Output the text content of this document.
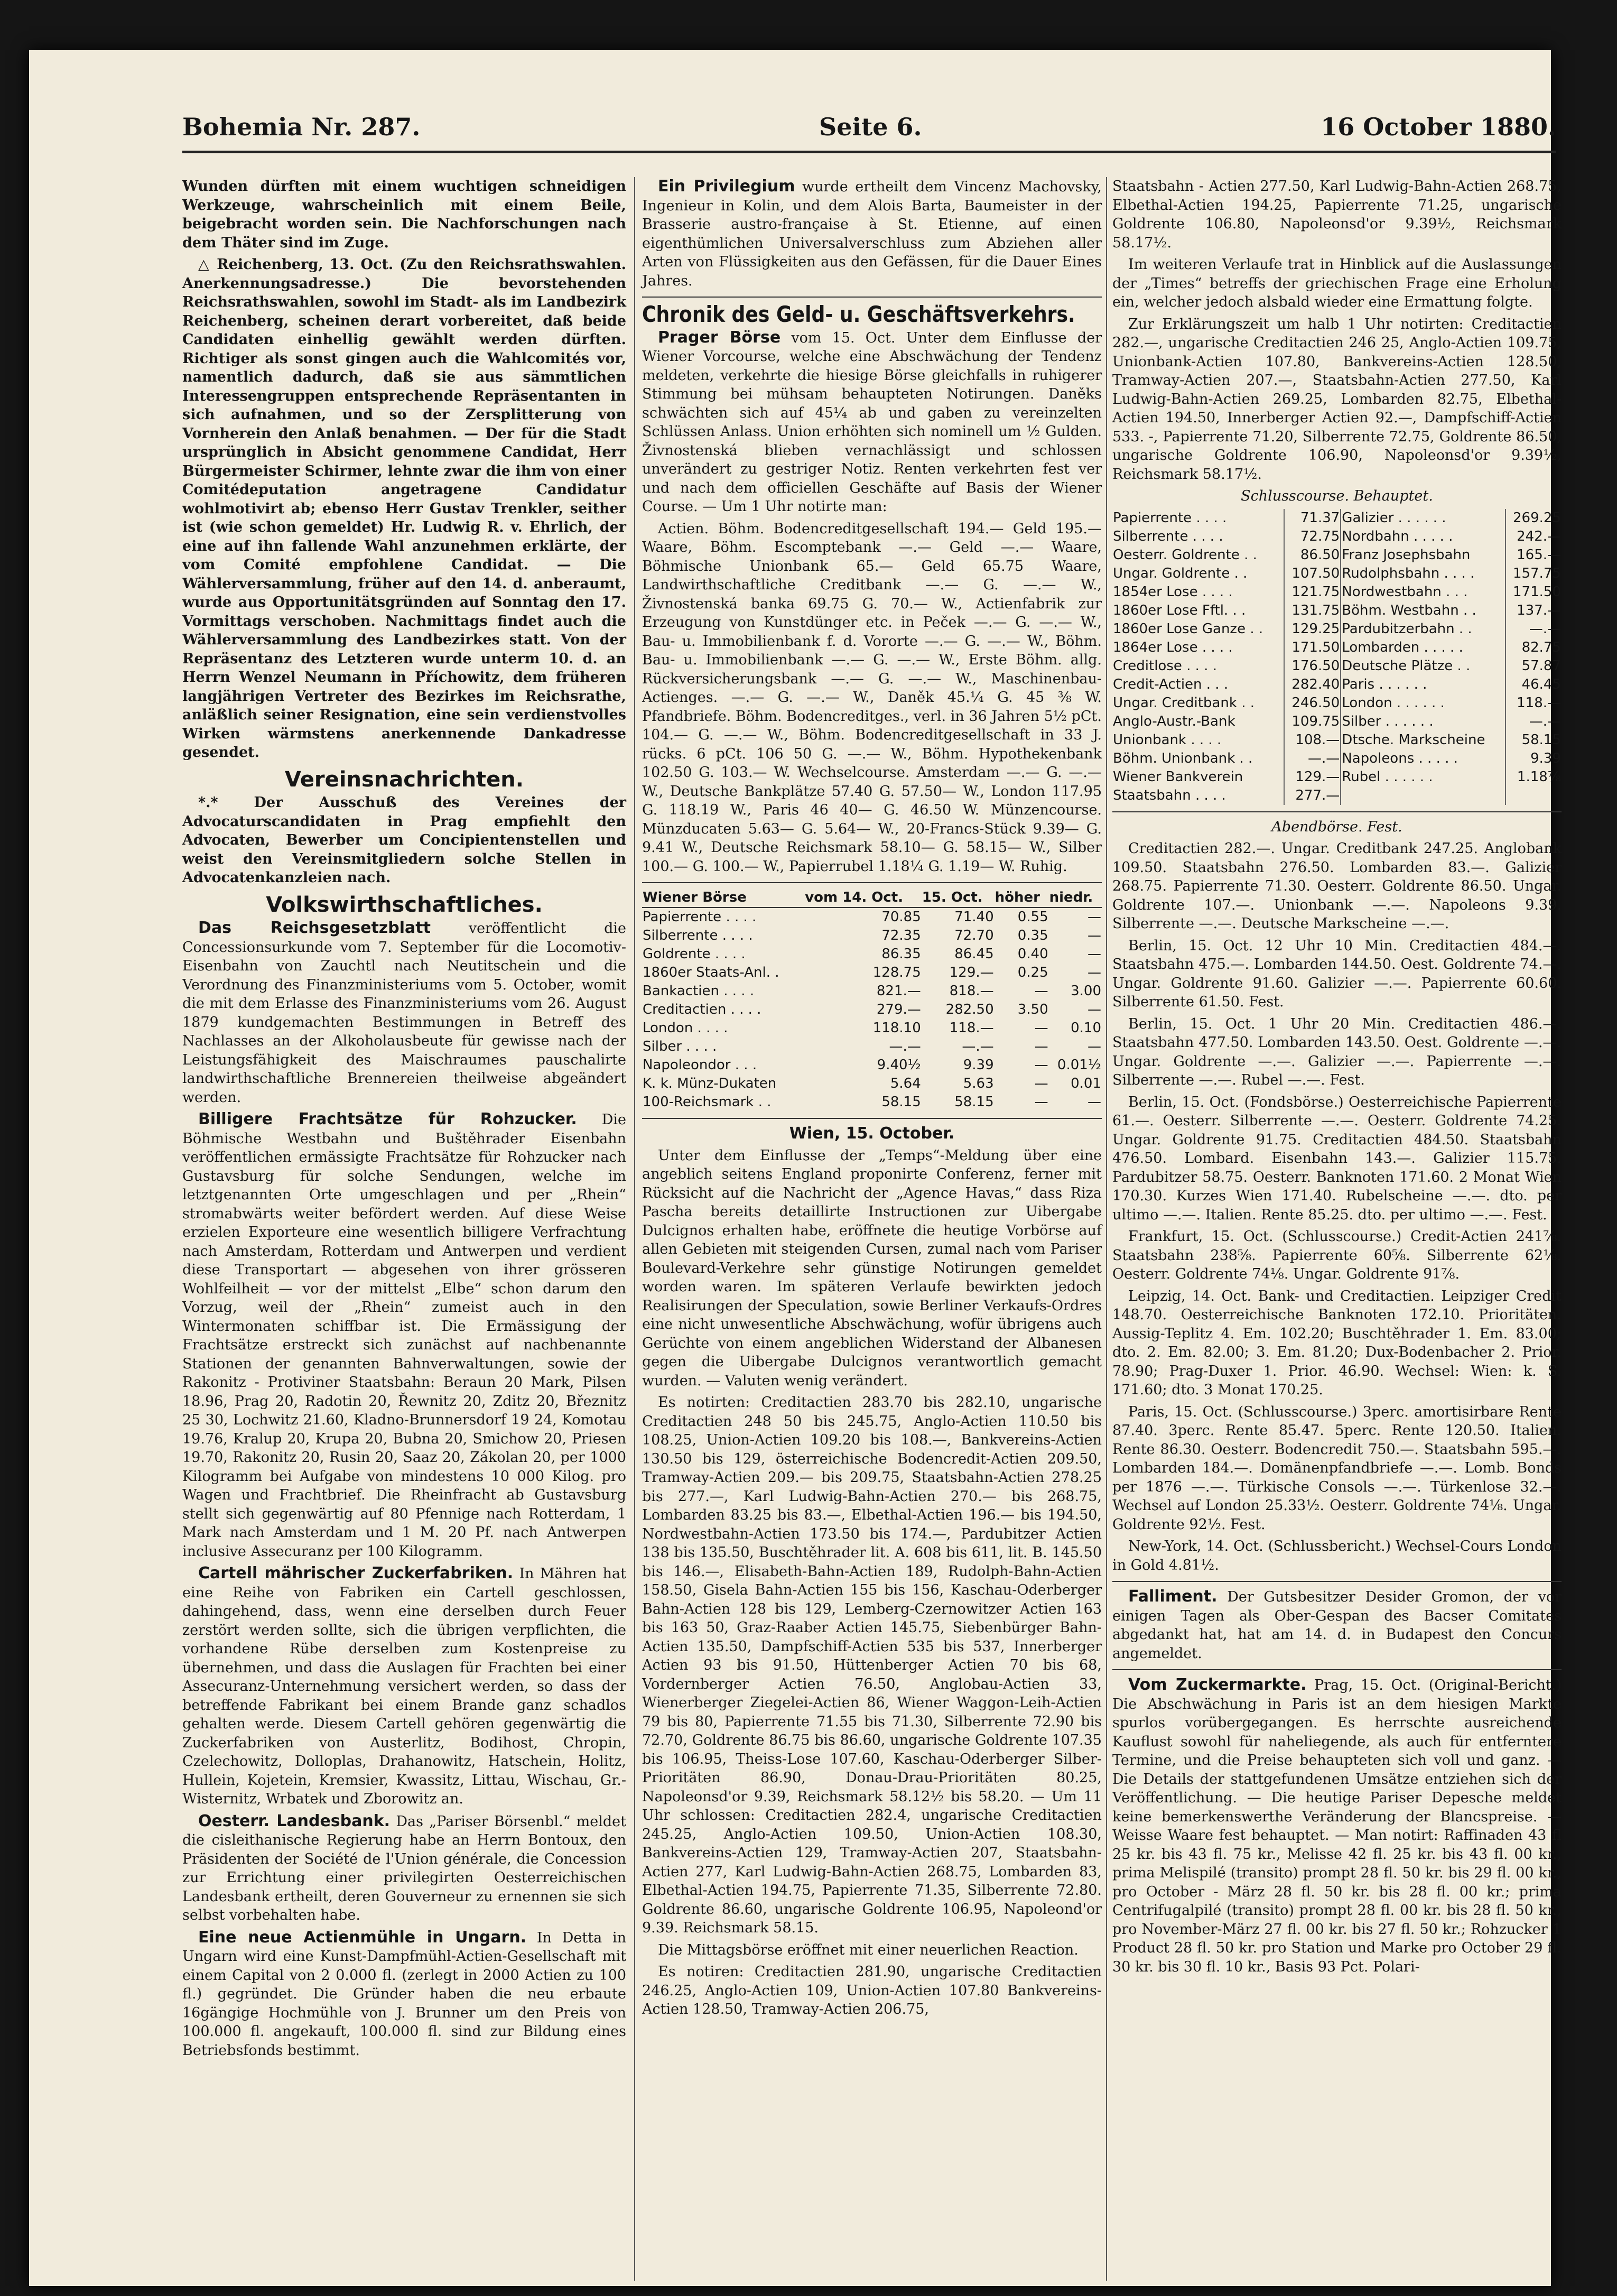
Bohemia Nr. 287.	Seite 6.	16 October 1880.

Wunden dürften mit einem wuchtigen schneidigen Werkzeuge, wahrscheinlich mit einem Beile, beigebracht worden sein. Die Nachforschungen nach dem Thäter sind im Zuge.

△ Reichenberg, 13. Oct. (Zu den Reichsrathswahlen. Anerkennungsadresse.) Die bevorstehenden Reichsrathswahlen, sowohl im Stadt- als im Landbezirk Reichenberg, scheinen derart vorbereitet, daß beide Candidaten einhellig gewählt werden dürften. Richtiger als sonst gingen auch die Wahlcomités vor, namentlich dadurch, daß sie aus sämmtlichen Interessengruppen entsprechende Repräsentanten in sich aufnahmen, und so der Zersplitterung von Vornherein den Anlaß benahmen. — Der für die Stadt ursprünglich in Absicht genommene Candidat, Herr Bürgermeister Schirmer, lehnte zwar die ihm von einer Comitédeputation angetragene Candidatur wohlmotivirt ab; ebenso Herr Gustav Trenkler, seither ist (wie schon gemeldet) Hr. Ludwig R. v. Ehrlich, der eine auf ihn fallende Wahl anzunehmen erklärte, der vom Comité empfohlene Candidat. — Die Wählerversammlung, früher auf den 14. d. anberaumt, wurde aus Opportunitätsgründen auf Sonntag den 17. Vormittags verschoben. Nachmittags findet auch die Wählerversammlung des Landbezirkes statt. Von der Repräsentanz des Letzteren wurde unterm 10. d. an Herrn Wenzel Neumann in Příchowitz, dem früheren langjährigen Vertreter des Bezirkes im Reichsrathe, anläßlich seiner Resignation, eine sein verdienstvolles Wirken wärmstens anerkennende Dankadresse gesendet.

Vereinsnachrichten.

*.* Der Ausschuß des Vereines der Advocaturscandidaten in Prag empfiehlt den Advocaten, Bewerber um Concipientenstellen und weist den Vereinsmitgliedern solche Stellen in Advocatenkanzleien nach.

Volkswirthschaftliches.

Das Reichsgesetzblatt	veröffentlicht die Concessionsurkunde vom 7. September für die Locomotiv-Eisenbahn von Zauchtl nach Neutitschein und die Verordnung des Finanzministeriums vom 5. October, womit die mit dem Erlasse des Finanzministeriums vom 26. August 1879 kundgemachten Bestimmungen in Betreff des Nachlasses an der Alkoholausbeute für gewisse nach der Leistungsfähigkeit des Maischraumes pauschalirte landwirthschaftliche Brennereien theilweise abgeändert werden.

Billigere Frachtsätze für Rohzucker. Die Böhmische Westbahn und Buštěhrader Eisenbahn veröffentlichen ermässigte Frachtsätze für Rohzucker nach Gustavsburg für solche Sendungen, welche im letztgenannten Orte umgeschlagen und per „Rhein“ stromabwärts weiter befördert werden. Auf diese Weise erzielen Exporteure eine wesentlich billigere Verfrachtung nach Amsterdam, Rotterdam und Antwerpen und verdient diese Transportart — abgesehen von ihrer grösseren Wohlfeilheit — vor der mittelst „Elbe“ schon darum den Vorzug, weil der „Rhein“ zumeist auch in den Wintermonaten schiffbar ist. Die Ermässigung der Frachtsätze erstreckt sich zunächst auf nachbenannte Stationen der genannten Bahnverwaltungen, sowie der Rakonitz - Protiviner Staatsbahn: Beraun 20 Mark, Pilsen 18.96, Prag 20, Radotin 20, Řewnitz 20, Zditz 20, Březnitz 25 30, Lochwitz 21.60, Kladno-Brunnersdorf 19 24, Komotau 19.76, Kralup 20, Krupa 20, Bubna 20, Smichow 20, Priesen 19.70, Rakonitz 20, Rusin 20, Saaz 20, Zákolan 20, per 1000 Kilogramm bei Aufgabe von mindestens 10 000 Kilog. pro Wagen und Frachtbrief. Die Rheinfracht ab Gustavsburg stellt sich gegenwärtig auf 80 Pfennige nach Rotterdam, 1 Mark nach Amsterdam und 1 M. 20 Pf. nach Antwerpen inclusive Assecuranz per 100 Kilogramm.

Cartell mährischer Zuckerfabriken. In Mähren hat eine Reihe von Fabriken ein Cartell geschlossen, dahingehend, dass, wenn eine derselben durch Feuer zerstört werden sollte, sich die übrigen verpflichten, die vorhandene Rübe derselben zum Kostenpreise zu übernehmen, und dass die Auslagen für Frachten bei einer Assecuranz-Unternehmung versichert werden, so dass der betreffende Fabrikant bei einem Brande ganz schadlos gehalten werde. Diesem Cartell gehören gegenwärtig die Zuckerfabriken von Austerlitz, Bodihost, Chropin, Czelechowitz, Dolloplas, Drahanowitz, Hatschein, Holitz, Hullein, Kojetein, Kremsier, Kwassitz, Littau, Wischau, Gr.-Wisternitz, Wrbatek und Zborowitz an.

Oesterr. Landesbank. Das „Pariser Börsenbl.“ meldet die cisleithanische Regierung habe an Herrn Bontoux, den Präsidenten der Société de l'Union générale, die Concession zur Errichtung einer privilegirten Oesterreichischen Landesbank ertheilt, deren Gouverneur zu ernennen sie sich selbst vorbehalten habe.

Eine neue Actienmühle in Ungarn. In Detta in Ungarn wird eine Kunst-Dampfmühl-Actien-Gesellschaft mit einem Capital von 2 0.000 fl. (zerlegt in 2000 Actien zu 100 fl.) gegründet. Die Gründer haben die neu erbaute 16gängige Hochmühle von J. Brunner um den Preis von 100.000 fl. angekauft, 100.000 fl. sind zur Bildung eines Betriebsfonds bestimmt.

Ein Privilegium wurde ertheilt dem Vincenz Machovsky, Ingenieur in Kolin, und dem Alois Barta, Baumeister in der Brasserie austro-française à St. Etienne, auf einen eigenthümlichen Universalverschluss zum Abziehen aller Arten von Flüssigkeiten aus den Gefässen, für die Dauer Eines Jahres.

Chronik des Geld- u. Geschäftsverkehrs.

Prager Börse vom 15. Oct. Unter dem Einflusse der Wiener Vorcourse, welche eine Abschwächung der Tendenz meldeten, verkehrte die hiesige Börse gleichfalls in ruhigerer Stimmung bei mühsam behaupteten Notirungen. Daněks schwächten sich auf 45¼ ab und gaben zu vereinzelten Schlüssen Anlass. Union erhöhten sich nominell um ½ Gulden. Živnostenská blieben vernachlässigt und schlossen unverändert zu gestriger Notiz. Renten verkehrten fest ver und nach dem officiellen Geschäfte auf Basis der Wiener Course. — Um 1 Uhr notirte man:

Actien. Böhm. Bodencreditgesellschaft 194.— Geld 195.— Waare, Böhm. Escomptebank —.— Geld —.— Waare, Böhmische Unionbank 65.— Geld 65.75 Waare, Landwirthschaftliche Creditbank —.— G. —.— W., Živnostenská banka 69.75 G. 70.— W., Actienfabrik zur Erzeugung von Kunstdünger etc. in Peček —.— G. —.— W., Bau- u. Immobilienbank f. d. Vororte —.— G. —.— W., Böhm. Bau- u. Immobilienbank —.— G. —.— W., Erste Böhm. allg. Rückversicherungsbank —.— G. —.— W., Maschinenbau-Actienges. —.— G. —.— W., Daněk 45.¼ G. 45 ⅜ W. Pfandbriefe. Böhm. Bodencreditges., verl. in 36 Jahren 5½ pCt. 104.— G. —.— W., Böhm. Bodencreditgesellschaft in 33 J. rücks. 6 pCt. 106 50 G. —.— W., Böhm. Hypothekenbank 102.50 G. 103.— W. Wechselcourse. Amsterdam —.— G. —.— W., Deutsche Bankplätze 57.40 G. 57.50— W., London 117.95 G. 118.19 W., Paris 46 40— G. 46.50 W. Münzencourse. Münzducaten 5.63— G. 5.64— W., 20-Francs-Stück 9.39— G. 9.41 W., Deutsche Reichsmark 58.10— G. 58.15— W., Silber 100.— G. 100.— W., Papierrubel 1.18¼ G. 1.19— W. Ruhig.

Wiener Börse	vom 14. Oct.	15. Oct.	höher	niedr.
Papierrente . . . .	70.85	71.40	0.55	—
Silberrente . . . .	72.35	72.70	0.35	—
Goldrente . . . .	86.35	86.45	0.40	—
1860er Staats-Anl. .	128.75	129.—	0.25	—
Bankactien . . . .	821.—	818.—	—	3.00
Creditactien . . . .	279.—	282.50	3.50	—
London . . . .	118.10	118.—	—	0.10
Silber . . . .	—.—	—.—	—	—
Napoleondor . . .	9.40½	9.39	—	0.01½
K. k. Münz-Dukaten	5.64	5.63	—	0.01
100-Reichsmark . .	58.15	58.15	—	—

Wien, 15. October.

Unter dem Einflusse der „Temps“-Meldung über eine angeblich seitens England proponirte Conferenz, ferner mit Rücksicht auf die Nachricht der „Agence Havas,“ dass Riza Pascha bereits detaillirte Instructionen zur Uibergabe Dulcignos erhalten habe, eröffnete die heutige Vorbörse auf allen Gebieten mit steigenden Cursen, zumal nach vom Pariser Boulevard-Verkehre sehr günstige Notirungen gemeldet worden waren. Im späteren Verlaufe bewirkten jedoch Realisirungen der Speculation, sowie Berliner Verkaufs-Ordres eine nicht unwesentliche Abschwächung, wofür übrigens auch Gerüchte von einem angeblichen Widerstand der Albanesen gegen die Uibergabe Dulcignos verantwortlich gemacht wurden. — Valuten wenig verändert.

Es notirten: Creditactien 283.70 bis 282.10, ungarische Creditactien 248 50 bis 245.75, Anglo-Actien 110.50 bis 108.25, Union-Actien 109.20 bis 108.—, Bankvereins-Actien 130.50 bis 129, österreichische Bodencredit-Actien 209.50, Tramway-Actien 209.— bis 209.75, Staatsbahn-Actien 278.25 bis 277.—, Karl Ludwig-Bahn-Actien 270.— bis 268.75, Lombarden 83.25 bis 83.—, Elbethal-Actien 196.— bis 194.50, Nordwestbahn-Actien 173.50 bis 174.—, Pardubitzer Actien 138 bis 135.50, Buschtěhrader lit. A. 608 bis 611, lit. B. 145.50 bis 146.—, Elisabeth-Bahn-Actien 189, Rudolph-Bahn-Actien 158.50, Gisela Bahn-Actien 155 bis 156, Kaschau-Oderberger Bahn-Actien 128 bis 129, Lemberg-Czernowitzer Actien 163 bis 163 50, Graz-Raaber Actien 145.75, Siebenbürger Bahn-Actien 135.50, Dampfschiff-Actien 535 bis 537, Innerberger Actien 93 bis 91.50, Hüttenberger Actien 70 bis 68, Vordernberger Actien 76.50, Anglobau-Actien 33, Wienerberger Ziegelei-Actien 86, Wiener Waggon-Leih-Actien 79 bis 80, Papierrente 71.55 bis 71.30, Silberrente 72.90 bis 72.70, Goldrente 86.75 bis 86.60, ungarische Goldrente 107.35 bis 106.95, Theiss-Lose 107.60, Kaschau-Oderberger Silber-Prioritäten 86.90, Donau-Drau-Prioritäten 80.25, Napoleonsd'or 9.39, Reichsmark 58.12½ bis 58.20. — Um 11 Uhr schlossen: Creditactien 282.4, ungarische Creditactien 245.25, Anglo-Actien 109.50, Union-Actien 108.30, Bankvereins-Actien 129, Tramway-Actien 207, Staatsbahn-Actien 277, Karl Ludwig-Bahn-Actien 268.75, Lombarden 83, Elbethal-Actien 194.75, Papierrente 71.35, Silberrente 72.80. Goldrente 86.60, ungarische Goldrente 106.95, Napoleond'or 9.39. Reichsmark 58.15.

Die Mittagsbörse eröffnet mit einer neuerlichen Reaction.

Es notiren: Creditactien 281.90, ungarische Creditactien 246.25, Anglo-Actien 109, Union-Actien 107.80 Bankvereins-Actien 128.50, Tramway-Actien 206.75,

Staatsbahn - Actien 277.50, Karl Ludwig-Bahn-Actien 268.75, Elbethal-Actien 194.25, Papierrente 71.25, ungarische Goldrente 106.80, Napoleonsd'or 9.39½, Reichsmark 58.17½.

Im weiteren Verlaufe trat in Hinblick auf die Auslassungen der „Times“ betreffs der griechischen Frage eine Erholung ein, welcher jedoch alsbald wieder eine Ermattung folgte.

Zur Erklärungszeit um halb 1 Uhr notirten: Creditactien 282.—, ungarische Creditactien 246 25, Anglo-Actien 109.75, Unionbank-Actien 107.80, Bankvereins-Actien 128.50, Tramway-Actien 207.—, Staatsbahn-Actien 277.50, Karl Ludwig-Bahn-Actien 269.25, Lombarden 82.75, Elbethal-Actien 194.50, Innerberger Actien 92.—, Dampfschiff-Actien 533. -, Papierrente 71.20, Silberrente 72.75, Goldrente 86.50, ungarische Goldrente 106.90, Napoleonsd'or 9.39½, Reichsmark 58.17½.

Schlusscourse. Behauptet.

Papierrente . . . .	71.37	Galizier . . . . . .	269.25
Silberrente . . . .	72.75	Nordbahn . . . . .	242.—
Oesterr. Goldrente . .	86.50	Franz Josephsbahn	165.—
Ungar. Goldrente . .	107.50	Rudolphsbahn . . . .	157.75
1854er Lose . . . .	121.75	Nordwestbahn . . .	171.50
1860er Lose Fftl. . .	131.75	Böhm. Westbahn . .	137.—
1860er Lose Ganze . .	129.25	Pardubitzerbahn . .	—.—
1864er Lose . . . .	171.50	Lombarden . . . . .	82.75
Creditlose . . . .	176.50	Deutsche Plätze . .	57.87
Credit-Actien . . .	282.40	Paris . . . . . .	46.45
Ungar. Creditbank . .	246.50	London . . . . . .	118.—
Anglo-Austr.-Bank	109.75	Silber . . . . . .	—.—
Unionbank . . . .	108.—	Dtsche. Markscheine	58.15
Böhm. Unionbank . .	—.—	Napoleons . . . . .	9.39
Wiener Bankverein	129.—	Rubel . . . . . .	1.18⅞
Staatsbahn . . . .	277.—		

Abendbörse. Fest.

Creditactien 282.—. Ungar. Creditbank 247.25. Anglobank 109.50. Staatsbahn 276.50. Lombarden 83.—. Galizier 268.75. Papierrente 71.30. Oesterr. Goldrente 86.50. Ungar. Goldrente 107.—. Unionbank —.—. Napoleons 9.39. Silberrente —.—. Deutsche Markscheine —.—.

Berlin, 15. Oct. 12 Uhr 10 Min. Creditactien 484.—. Staatsbahn 475.—. Lombarden 144.50. Oest. Goldrente 74.—. Ungar. Goldrente 91.60. Galizier —.—. Papierrente 60.60. Silberrente 61.50. Fest.

Berlin, 15. Oct. 1 Uhr 20 Min. Creditactien 486.—. Staatsbahn 477.50. Lombarden 143.50. Oest. Goldrente —.—. Ungar. Goldrente —.—. Galizier —.—. Papierrente —.—. Silberrente —.—. Rubel —.—. Fest.

Berlin, 15. Oct. (Fondsbörse.) Oesterreichische Papierrente 61.—. Oesterr. Silberrente —.—. Oesterr. Goldrente 74.25. Ungar. Goldrente 91.75. Creditactien 484.50. Staatsbahn 476.50. Lombard. Eisenbahn 143.—. Galizier 115.75. Pardubitzer 58.75. Oesterr. Banknoten 171.60. 2 Monat Wien 170.30. Kurzes Wien 171.40. Rubelscheine —.—. dto. per ultimo —.—. Italien. Rente 85.25. dto. per ultimo —.—. Fest.

Frankfurt, 15. Oct. (Schlusscourse.) Credit-Actien 241⅞. Staatsbahn 238⅝. Papierrente 60⅝. Silberrente 62⅛. Oesterr. Goldrente 74⅛. Ungar. Goldrente 91⅞.

Leipzig, 14. Oct. Bank- und Creditactien. Leipziger Credit 148.70. Oesterreichische Banknoten 172.10. Prioritäten. Aussig-Teplitz 4. Em. 102.20; Buschtěhrader 1. Em. 83.00; dto. 2. Em. 82.00; 3. Em. 81.20; Dux-Bodenbacher 2. Prior. 78.90; Prag-Duxer 1. Prior. 46.90. Wechsel: Wien: k. S. 171.60; dto. 3 Monat 170.25.

Paris, 15. Oct. (Schlusscourse.) 3perc. amortisirbare Rente 87.40. 3perc. Rente 85.47. 5perc. Rente 120.50. Italien. Rente 86.30. Oesterr. Bodencredit 750.—. Staatsbahn 595.—. Lombarden 184.—. Domänenpfandbriefe —.—. Lomb. Bonds per 1876 —.—. Türkische Consols —.—. Türkenlose 32.—. Wechsel auf London 25.33½. Oesterr. Goldrente 74⅛. Ungar. Goldrente 92½. Fest.

New-York, 14. Oct. (Schlussbericht.) Wechsel-Cours London in Gold 4.81½.

Falliment. Der Gutsbesitzer Desider Gromon, der vor einigen Tagen als Ober-Gespan des Bacser Comitates abgedankt hat, hat am 14. d. in Budapest den Concurs angemeldet.

Vom Zuckermarkte. Prag, 15. Oct. (Original-Bericht.) Die Abschwächung in Paris ist an dem hiesigen Markte spurlos vorübergegangen. Es herrschte ausreichende Kauflust sowohl für naheliegende, als auch für entferntere Termine, und die Preise behaupteten sich voll und ganz. — Die Details der stattgefundenen Umsätze entziehen sich der Veröffentlichung. — Die heutige Pariser Depesche meldet keine bemerkenswerthe Veränderung der Blancspreise. — Weisse Waare fest behauptet. — Man notirt: Raffinaden 43 fl 25 kr. bis 43 fl. 75 kr., Melisse 42 fl. 25 kr. bis 43 fl. 00 kr., prima Melispilé (transito) prompt 28 fl. 50 kr. bis 29 fl. 00 kr., pro October - März 28 fl. 50 kr. bis 28 fl. 00 kr.; prima Centrifugalpilé (transito) prompt 28 fl. 00 kr. bis 28 fl. 50 kr., pro November-März 27 fl. 00 kr. bis 27 fl. 50 kr.; Rohzucker 1 Product 28 fl. 50 kr. pro Station und Marke pro October 29 fl. 30 kr. bis 30 fl. 10 kr., Basis 93 Pct. Polari-
